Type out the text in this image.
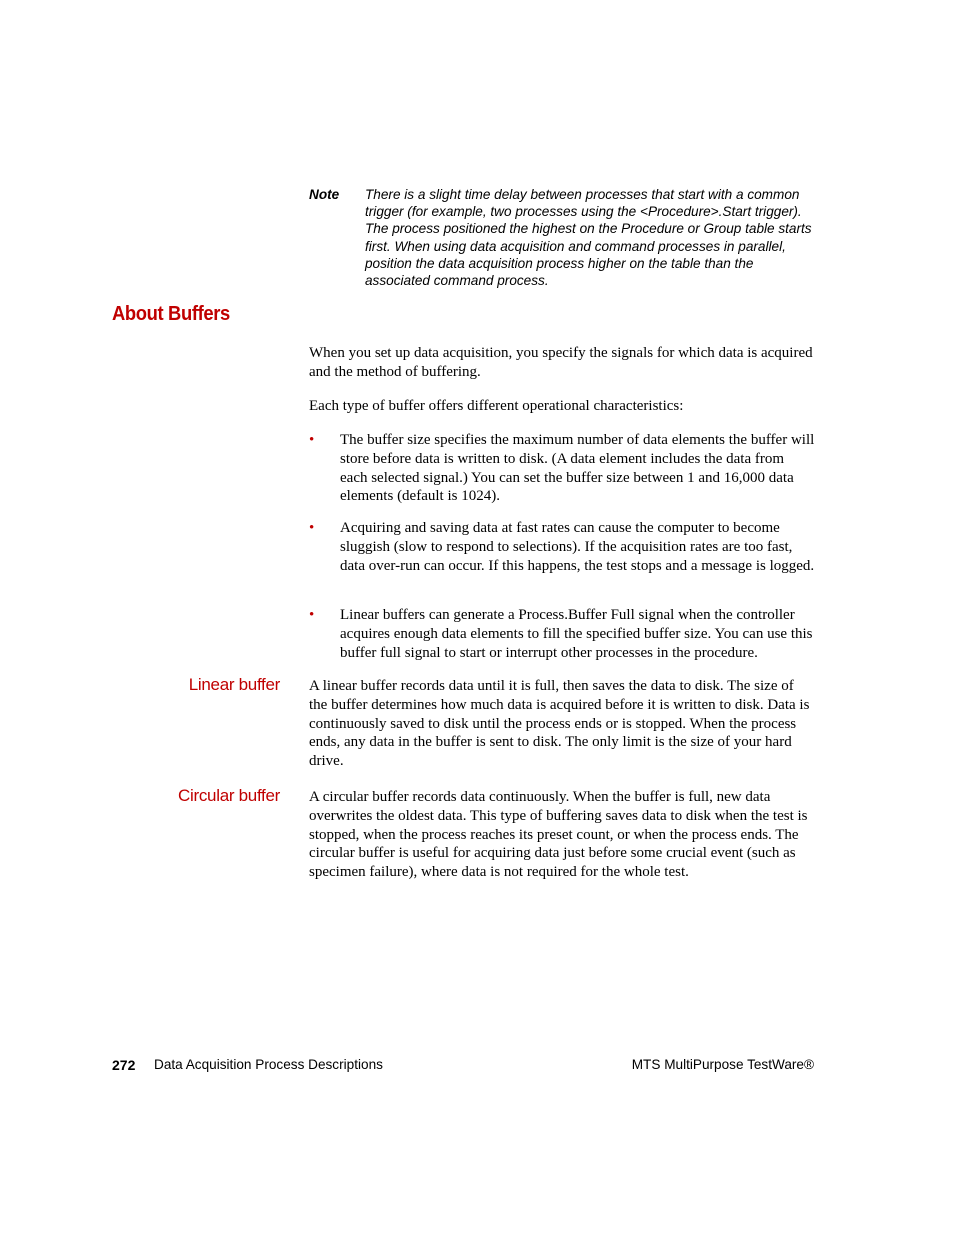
Note There is a slight time delay between processes that start with a common trigger (for example, two processes using the <Procedure>.Start trigger). The process positioned the highest on the Procedure or Group table starts first. When using data acquisition and command processes in parallel, position the data acquisition process higher on the table than the associated command process.
About Buffers

When you set up data acquisition, you specify the signals for which data is acquired and the method of buffering.

Each type of buffer offers different operational characteristics:

• The buffer size specifies the maximum number of data elements the buffer will store before data is written to disk. (A data element includes the data from each selected signal.) You can set the buffer size between 1 and 16,000 data elements (default is 1024).
• Acquiring and saving data at fast rates can cause the computer to become sluggish (slow to respond to selections). If the acquisition rates are too fast, data over-run can occur. If this happens, the test stops and a message is logged.
• Linear buffers can generate a Process.Buffer Full signal when the controller acquires enough data elements to fill the specified buffer size. You can use this buffer full signal to start or interrupt other processes in the procedure.
Linear buffer A linear buffer records data until it is full, then saves the data to disk. The size of the buffer determines how much data is acquired before it is written to disk. Data is continuously saved to disk until the process ends or is stopped. When the process ends, any data in the buffer is sent to disk. The only limit is the size of your hard drive.

Circular buffer A circular buffer records data continuously. When the buffer is full, new data overwrites the oldest data. This type of buffering saves data to disk when the test is stopped, when the process reaches its preset count, or when the process ends. The circular buffer is useful for acquiring data just before some crucial event (such as specimen failure), where data is not required for the whole test.

272 Data Acquisition Process Descriptions	MTS MultiPurpose TestWare®
